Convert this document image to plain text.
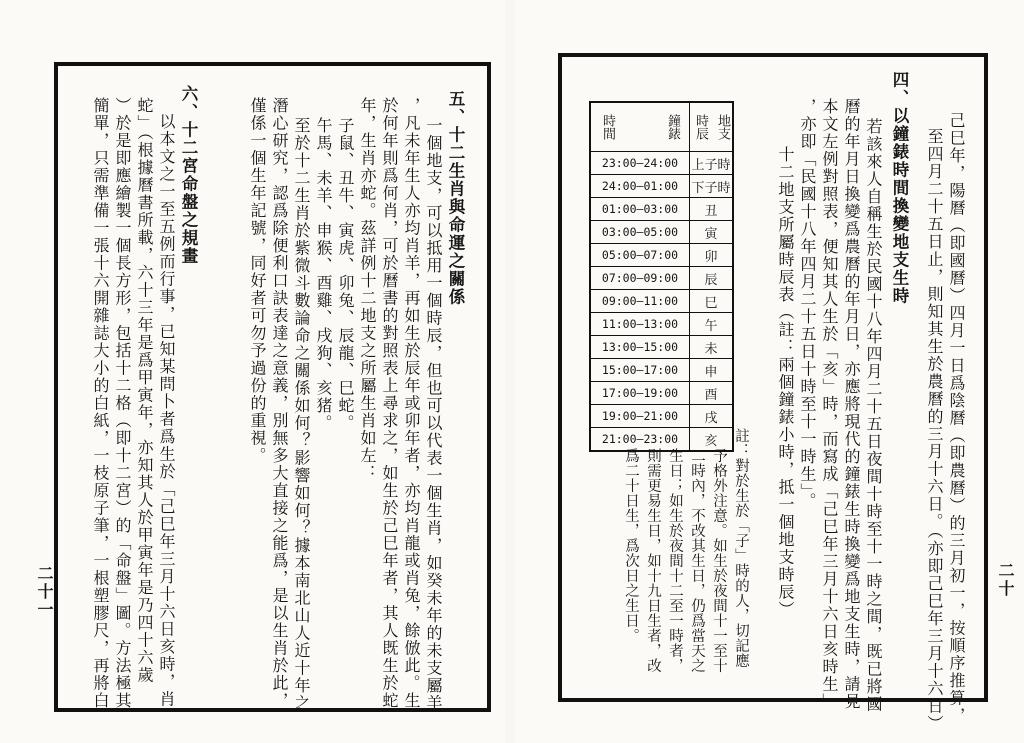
五、十二生肖與命運之關係
一個地支，可以抵用一個時辰，但也可以代表一個生肖，如癸未年的未支屬羊
，凡未年生人亦均肖羊，再如生於辰年或卯年者，亦均肖龍或肖兔，餘倣此。生
於何年則爲何肖，可於曆書的對照表上尋求之，如生於己巳年者，其人既生於蛇
年，生肖亦蛇。茲詳例十二地支之所屬生肖如左：
子鼠、丑牛、寅虎、卯兔、辰龍、巳蛇。
午馬、未羊、申猴、酉雞、戌狗、亥猪。
至於十二生肖於紫微斗數論命之關係如何？影響如何？據本南北山人近十年之
潛心研究，認爲除便利口訣表達之意義，別無多大直接之能爲，是以生肖於此，
僅係一個生年記號，同好者可勿予過份的重視。
六、十二宮命盤之規畫
以本文之一至五例而行事，已知某問卜者爲生於「己巳年三月十六日亥時，肖
蛇」（根據曆書所載，六十三年是爲甲寅年，亦知其人於甲寅年是乃四十六歲
）於是即應繪製一個長方形，包括十二格（即十二宮）的「命盤」圖。方法極其
簡單，只需準備一張十六開雜誌大小的白紙，一枝原子筆，一根塑膠尺，再將白	己巳年，陽曆（即國曆）四月一日爲陰曆（即農曆）的三月初一，按順序推算，
至四月二十五日止，則知其生於農曆的三月十六日。（亦即己巳年三月十六日）
四、以鐘錶時間換變地支生時
若該來人自稱生於民國十八年四月二十五日夜間十時至十一時之間，既已將國
曆的年月日換變爲農曆的年月日，亦應將現代的鐘錶生時換變爲地支生時，請見
本文左例對照表，便知其人生於「亥」時，而寫成「己巳年三月十六日亥時生」
，亦即「民國十八年四月二十五日十時至十一時生」。
十二地支所屬時辰表（註：兩個鐘錶小時，抵一個地支時辰）
註：對於生於「子」時的人，切記應
予格外注意。如生於夜間十一至十
二時內，不改其生日，仍爲當天之
生日；如生於夜間十二至一時者，
則需更易生日，如十九日生者，改
爲二十日生，爲次日之生日。
二十一	二十
時間
鐘錶	時辰
地支

23:00—24:00	上子時
24:00—01:00	下子時
01:00—03:00	丑
03:00—05:00	寅
05:00—07:00	卯
07:00—09:00	辰
09:00—11:00	巳
11:00—13:00	午
13:00—15:00	未
15:00—17:00	申
17:00—19:00	酉
19:00—21:00	戌
21:00—23:00	亥
